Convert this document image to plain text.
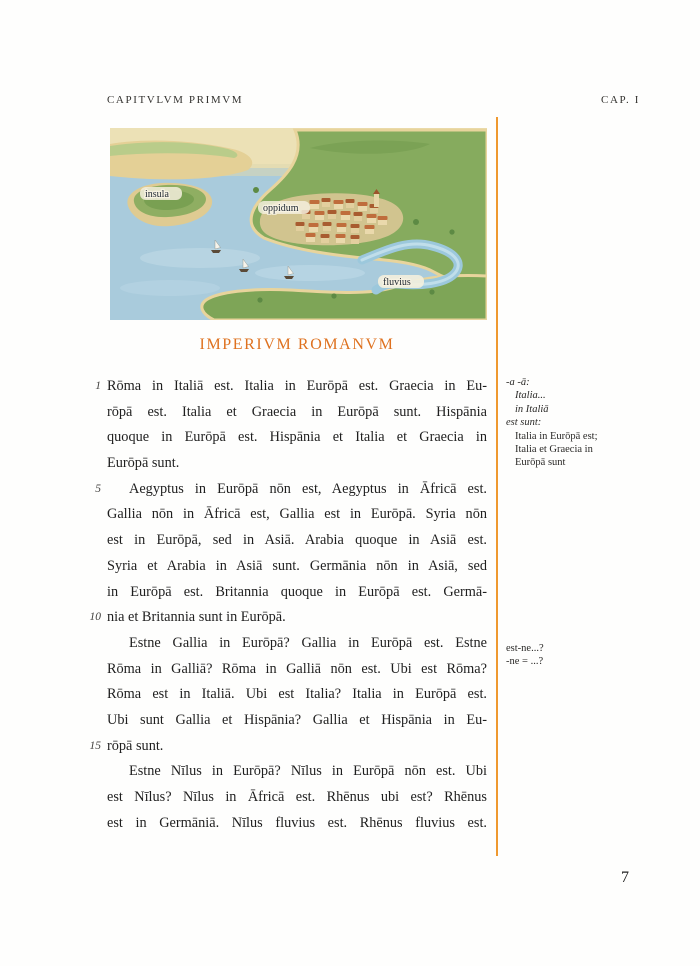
CAPITVLVM PRIMVM	CAP. I
insula
oppidum
fluvius
IMPERIVM ROMANVM
1 Rōma in Italiā est. Italia in Eurōpā est. Graecia in Eu-
rōpā est. Italia et Graecia in Eurōpā sunt. Hispānia
quoque in Eurōpā est. Hispānia et Italia et Graecia in
Eurōpā sunt.
5 Aegyptus in Eurōpā nōn est, Aegyptus in Āfricā est.
Gallia nōn in Āfricā est, Gallia est in Eurōpā. Syria nōn
est in Eurōpā, sed in Asiā. Arabia quoque in Asiā est.
Syria et Arabia in Asiā sunt. Germānia nōn in Asiā, sed
in Eurōpā est. Britannia quoque in Eurōpā est. Germā-
10 nia et Britannia sunt in Eurōpā.
Estne Gallia in Eurōpā? Gallia in Eurōpā est. Estne
Rōma in Galliā? Rōma in Galliā nōn est. Ubi est Rōma?
Rōma est in Italiā. Ubi est Italia? Italia in Eurōpā est.
Ubi sunt Gallia et Hispānia? Gallia et Hispānia in Eu-
15 rōpā sunt.
Estne Nīlus in Eurōpā? Nīlus in Eurōpā nōn est. Ubi
est Nīlus? Nīlus in Āfricā est. Rhēnus ubi est? Rhēnus
est in Germāniā. Nīlus fluvius est. Rhēnus fluvius est.
-a -ā:
Italia...
in Italiā
est sunt:
Italia in Eurōpā est;
Italia et Graecia in
Eurōpā sunt
est-ne...?
-ne = ...?
7
